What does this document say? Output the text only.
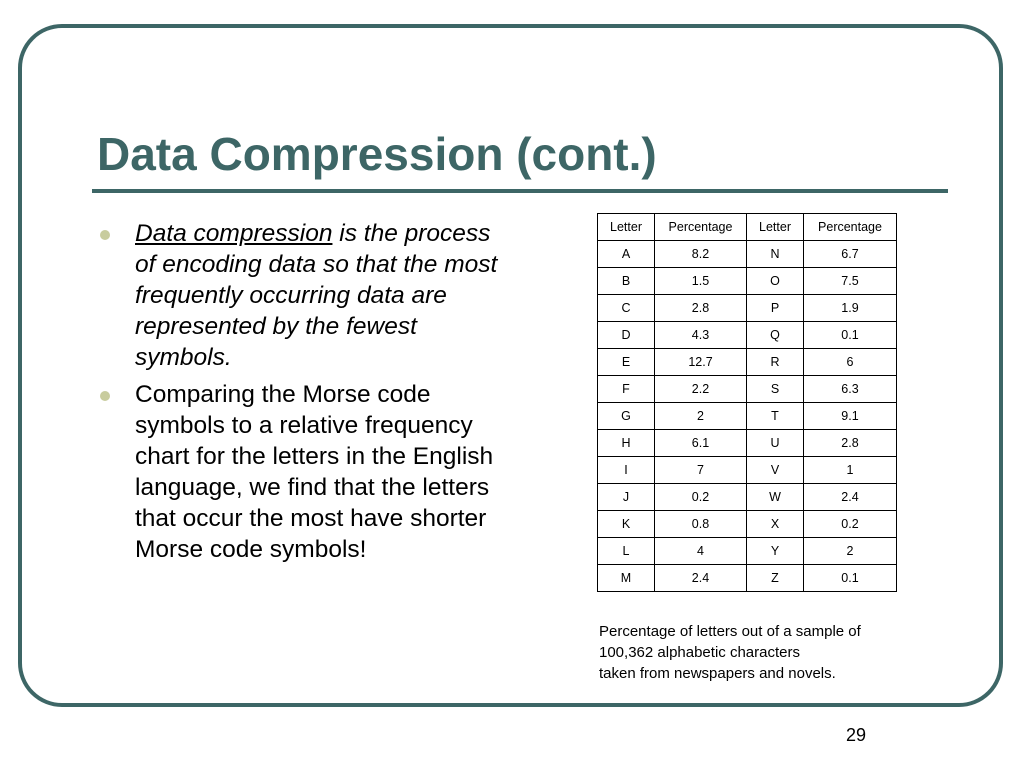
Data Compression (cont.)
Data compression is the process of encoding data so that the most frequently occurring data are represented by the fewest symbols.
Comparing the Morse code symbols to a relative frequency chart for the letters in the English language, we find that the letters that occur the most have shorter Morse code symbols!
Letter	Percentage	Letter	Percentage
A	8.2	N	6.7
B	1.5	O	7.5
C	2.8	P	1.9
D	4.3	Q	0.1
E	12.7	R	6
F	2.2	S	6.3
G	2	T	9.1
H	6.1	U	2.8
I	7	V	1
J	0.2	W	2.4
K	0.8	X	0.2
L	4	Y	2
M	2.4	Z	0.1
Percentage of letters out of a sample of
100,362 alphabetic characters
taken from newspapers and novels.
29
